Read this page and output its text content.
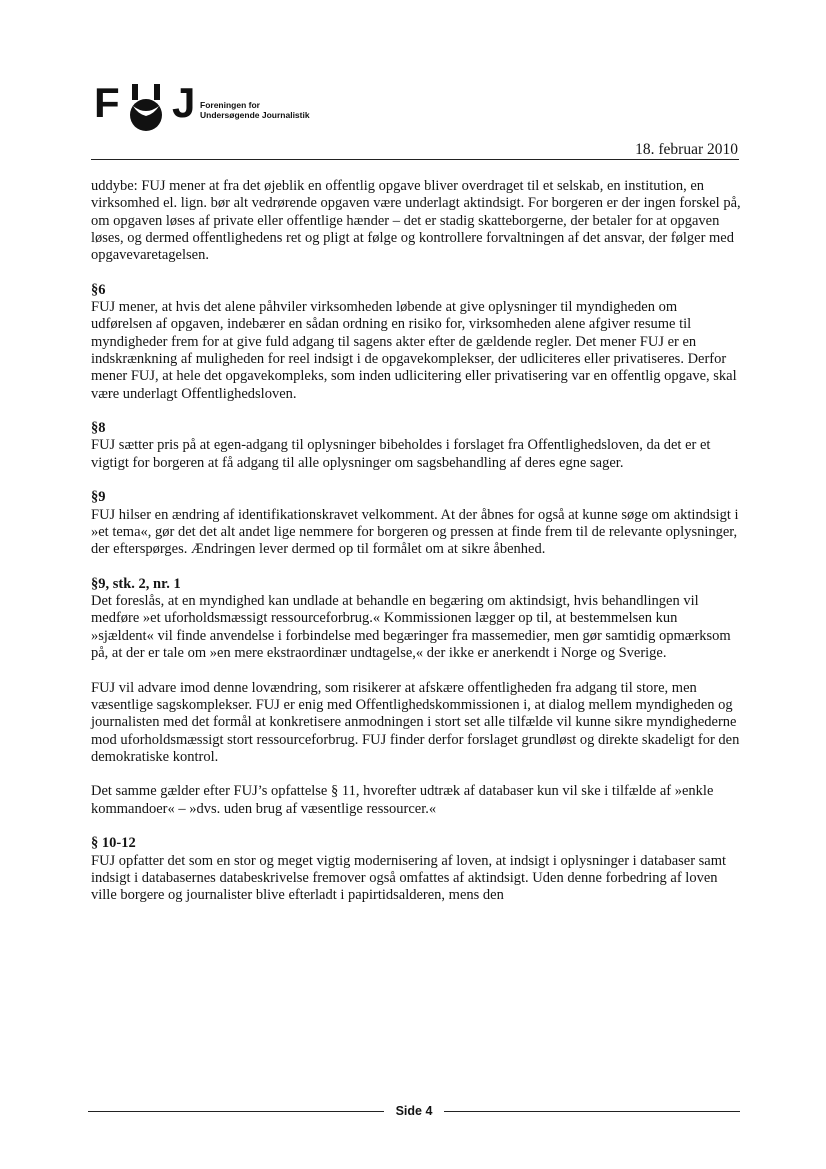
F J Foreningen for
Undersøgende Journalistik
18. februar 2010

uddybe: FUJ mener at fra det øjeblik en offentlig opgave bliver overdraget til et selskab, en institution, en virksomhed el. lign. bør alt vedrørende opgaven være underlagt aktindsigt. For borgeren er der ingen forskel på, om opgaven løses af private eller offentlige hænder – det er stadig skatteborgerne, der betaler for at opgaven løses, og dermed offentlighedens ret og pligt at følge og kontrollere forvaltningen af det ansvar, der følger med opgavevaretagelsen.

§6

FUJ mener, at hvis det alene påhviler virksomheden løbende at give oplysninger til myndigheden om udførelsen af opgaven, indebærer en sådan ordning en risiko for, virksomheden alene afgiver resume til myndigheder frem for at give fuld adgang til sagens akter efter de gældende regler. Det mener FUJ er en indskrænkning af muligheden for reel indsigt i de opgavekomplekser, der udliciteres eller privatiseres. Derfor mener FUJ, at hele det opgavekompleks, som inden udlicitering eller privatisering var en offentlig opgave, skal være underlagt Offentlighedsloven.

§8

FUJ sætter pris på at egen-adgang til oplysninger bibeholdes i forslaget fra Offentlighedsloven, da det er et vigtigt for borgeren at få adgang til alle oplysninger om sagsbehandling af deres egne sager.

§9

FUJ hilser en ændring af identifikationskravet velkomment. At der åbnes for også at kunne søge om aktindsigt i »et tema«, gør det det alt andet lige nemmere for borgeren og pressen at finde frem til de relevante oplysninger, der efterspørges. Ændringen lever dermed op til formålet om at sikre åbenhed.

§9, stk. 2, nr. 1

Det foreslås, at en myndighed kan undlade at behandle en begæring om aktindsigt, hvis behandlingen vil medføre »et uforholdsmæssigt ressourceforbrug.« Kommissionen lægger op til, at bestemmelsen kun »sjældent« vil finde anvendelse i forbindelse med begæringer fra massemedier, men gør samtidig opmærksom på, at der er tale om »en mere ekstraordinær undtagelse,« der ikke er anerkendt i Norge og Sverige.

FUJ vil advare imod denne lovændring, som risikerer at afskære offentligheden fra adgang til store, men væsentlige sagskomplekser. FUJ er enig med Offentlighedskommissionen i, at dialog mellem myndigheden og journalisten med det formål at konkretisere anmodningen i stort set alle tilfælde vil kunne sikre myndighederne mod uforholdsmæssigt stort ressourceforbrug. FUJ finder derfor forslaget grundløst og direkte skadeligt for den demokratiske kontrol.

Det samme gælder efter FUJ’s opfattelse § 11, hvorefter udtræk af databaser kun vil ske i tilfælde af »enkle kommandoer« – »dvs. uden brug af væsentlige ressourcer.«

§ 10-12

FUJ opfatter det som en stor og meget vigtig modernisering af loven, at indsigt i oplysninger i databaser samt indsigt i databasernes databeskrivelse fremover også omfattes af aktindsigt. Uden denne forbedring af loven ville borgere og journalister blive efterladt i papirtidsalderen, mens den

Side 4
